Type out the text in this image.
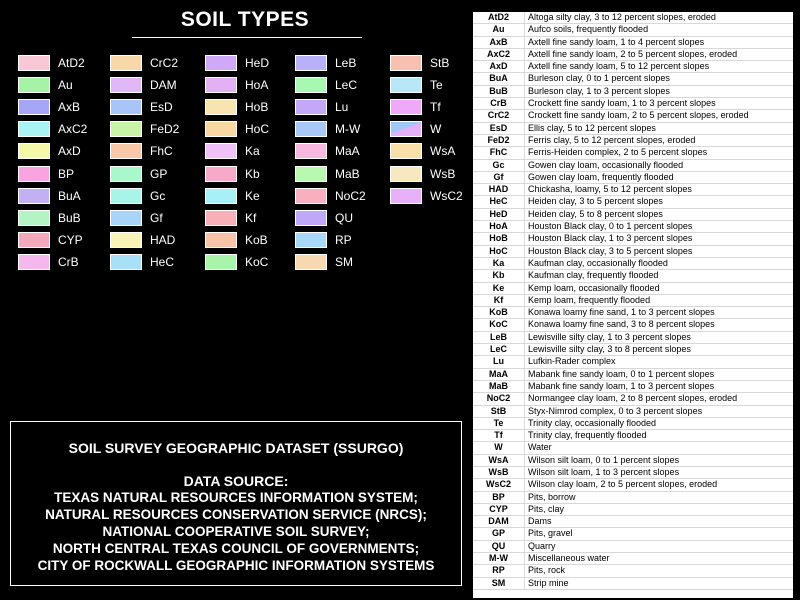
SOIL TYPES
AtD2
Au
AxB
AxC2
AxD
BP
BuA
BuB
CYP
CrB
CrC2
DAM
EsD
FeD2
FhC
GP
Gc
Gf
HAD
HeC
HeD
HoA
HoB
HoC
Ka
Kb
Ke
Kf
KoB
KoC
LeB
LeC
Lu
M-W
MaA
MaB
NoC2
QU
RP
SM
StB
Te
Tf
W
WsA
WsB
WsC2
SOIL SURVEY GEOGRAPHIC DATASET (SSURGO)
DATA SOURCE:
TEXAS NATURAL RESOURCES INFORMATION SYSTEM;
NATURAL RESOURCES CONSERVATION SERVICE (NRCS);
NATIONAL COOPERATIVE SOIL SURVEY;
NORTH CENTRAL TEXAS COUNCIL OF GOVERNMENTS;
CITY OF ROCKWALL GEOGRAPHIC INFORMATION SYSTEMS
AtD2	Altoga silty clay, 3 to 12 percent slopes, eroded
Au	Aufco soils, frequently flooded
AxB	Axtell fine sandy loam, 1 to 4 percent slopes
AxC2	Axtell fine sandy loam, 2 to 5 percent slopes, eroded
AxD	Axtell fine sandy loam, 5 to 12 percent slopes
BuA	Burleson clay, 0 to 1 percent slopes
BuB	Burleson clay, 1 to 3 percent slopes
CrB	Crockett fine sandy loam, 1 to 3 percent slopes
CrC2	Crockett fine sandy loam, 2 to 5 percent slopes, eroded
EsD	Ellis clay, 5 to 12 percent slopes
FeD2	Ferris clay, 5 to 12 percent slopes, eroded
FhC	Ferris-Heiden complex, 2 to 5 percent slopes
Gc	Gowen clay loam, occasionally flooded
Gf	Gowen clay loam, frequently flooded
HAD	Chickasha, loamy, 5 to 12 percent slopes
HeC	Heiden clay, 3 to 5 percent slopes
HeD	Heiden clay, 5 to 8 percent slopes
HoA	Houston Black clay, 0 to 1 percent slopes
HoB	Houston Black clay, 1 to 3 percent slopes
HoC	Houston Black clay, 3 to 5 percent slopes
Ka	Kaufman clay, occasionally flooded
Kb	Kaufman clay, frequently flooded
Ke	Kemp loam, occasionally flooded
Kf	Kemp loam, frequently flooded
KoB	Konawa loamy fine sand, 1 to 3 percent slopes
KoC	Konawa loamy fine sand, 3 to 8 percent slopes
LeB	Lewisville silty clay, 1 to 3 percent slopes
LeC	Lewisville silty clay, 3 to 8 percent slopes
Lu	Lufkin-Rader complex
MaA	Mabank fine sandy loam, 0 to 1 percent slopes
MaB	Mabank fine sandy loam, 1 to 3 percent slopes
NoC2	Normangee clay loam, 2 to 8 percent slopes, eroded
StB	Styx-Nimrod complex, 0 to 3 percent slopes
Te	Trinity clay, occasionally flooded
Tf	Trinity clay, frequently flooded
W	Water
WsA	Wilson silt loam, 0 to 1 percent slopes
WsB	Wilson silt loam, 1 to 3 percent slopes
WsC2	Wilson clay loam, 2 to 5 percent slopes, eroded
BP	Pits, borrow
CYP	Pits, clay
DAM	Dams
GP	Pits, gravel
QU	Quarry
M-W	Miscellaneous water
RP	Pits, rock
SM	Strip mine
